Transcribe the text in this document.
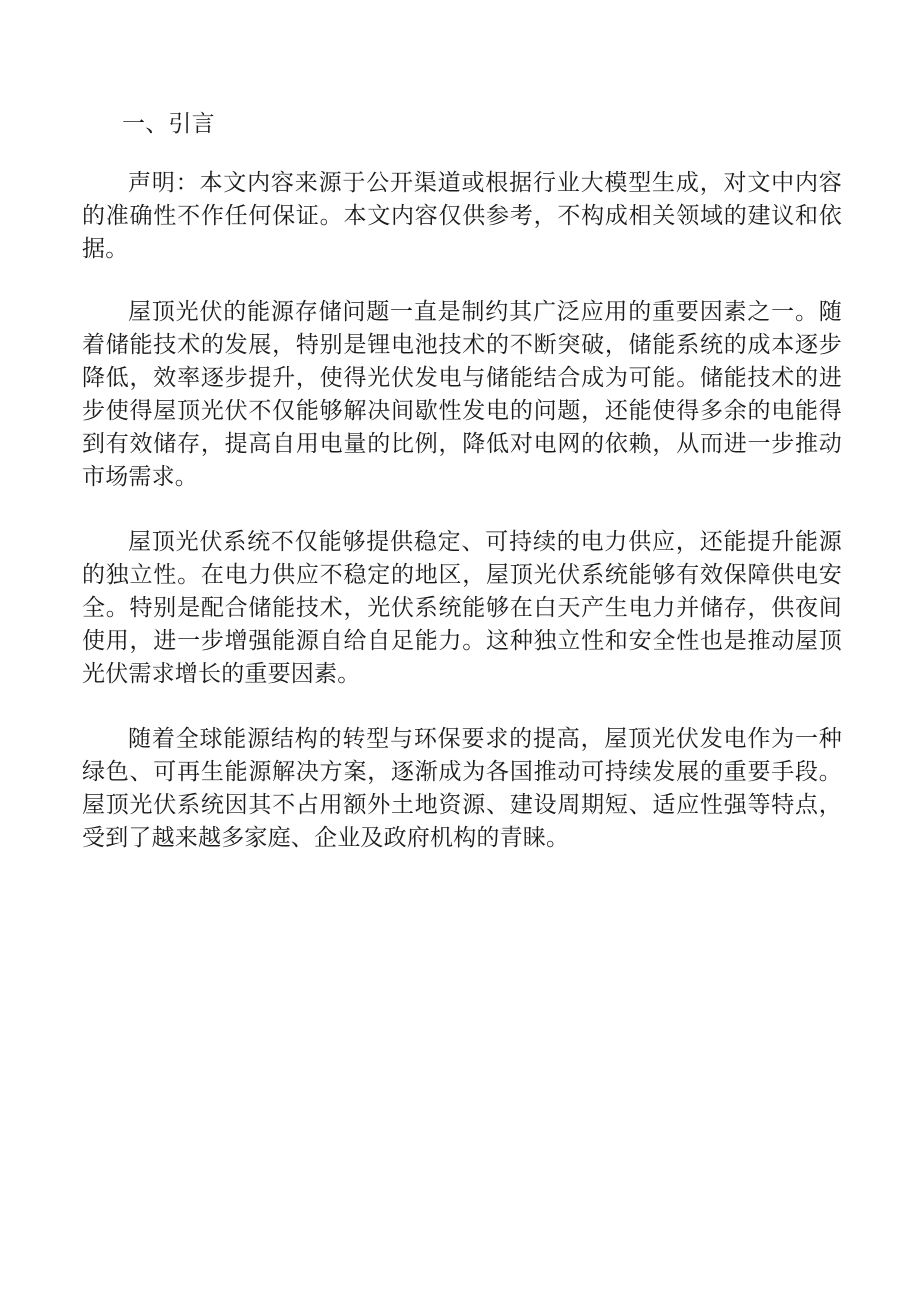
一、引言

声明：本文内容来源于公开渠道或根据行业大模型生成，对文中内容的准确性不作任何保证。本文内容仅供参考，不构成相关领域的建议和依据。

屋顶光伏的能源存储问题一直是制约其广泛应用的重要因素之一。随着储能技术的发展，特别是锂电池技术的不断突破，储能系统的成本逐步降低，效率逐步提升，使得光伏发电与储能结合成为可能。储能技术的进步使得屋顶光伏不仅能够解决间歇性发电的问题，还能使得多余的电能得到有效储存，提高自用电量的比例，降低对电网的依赖，从而进一步推动市场需求。

屋顶光伏系统不仅能够提供稳定、可持续的电力供应，还能提升能源的独立性。在电力供应不稳定的地区，屋顶光伏系统能够有效保障供电安全。特别是配合储能技术，光伏系统能够在白天产生电力并储存，供夜间使用，进一步增强能源自给自足能力。这种独立性和安全性也是推动屋顶光伏需求增长的重要因素。

随着全球能源结构的转型与环保要求的提高，屋顶光伏发电作为一种绿色、可再生能源解决方案，逐渐成为各国推动可持续发展的重要手段。屋顶光伏系统因其不占用额外土地资源、建设周期短、适应性强等特点，受到了越来越多家庭、企业及政府机构的青睐。
